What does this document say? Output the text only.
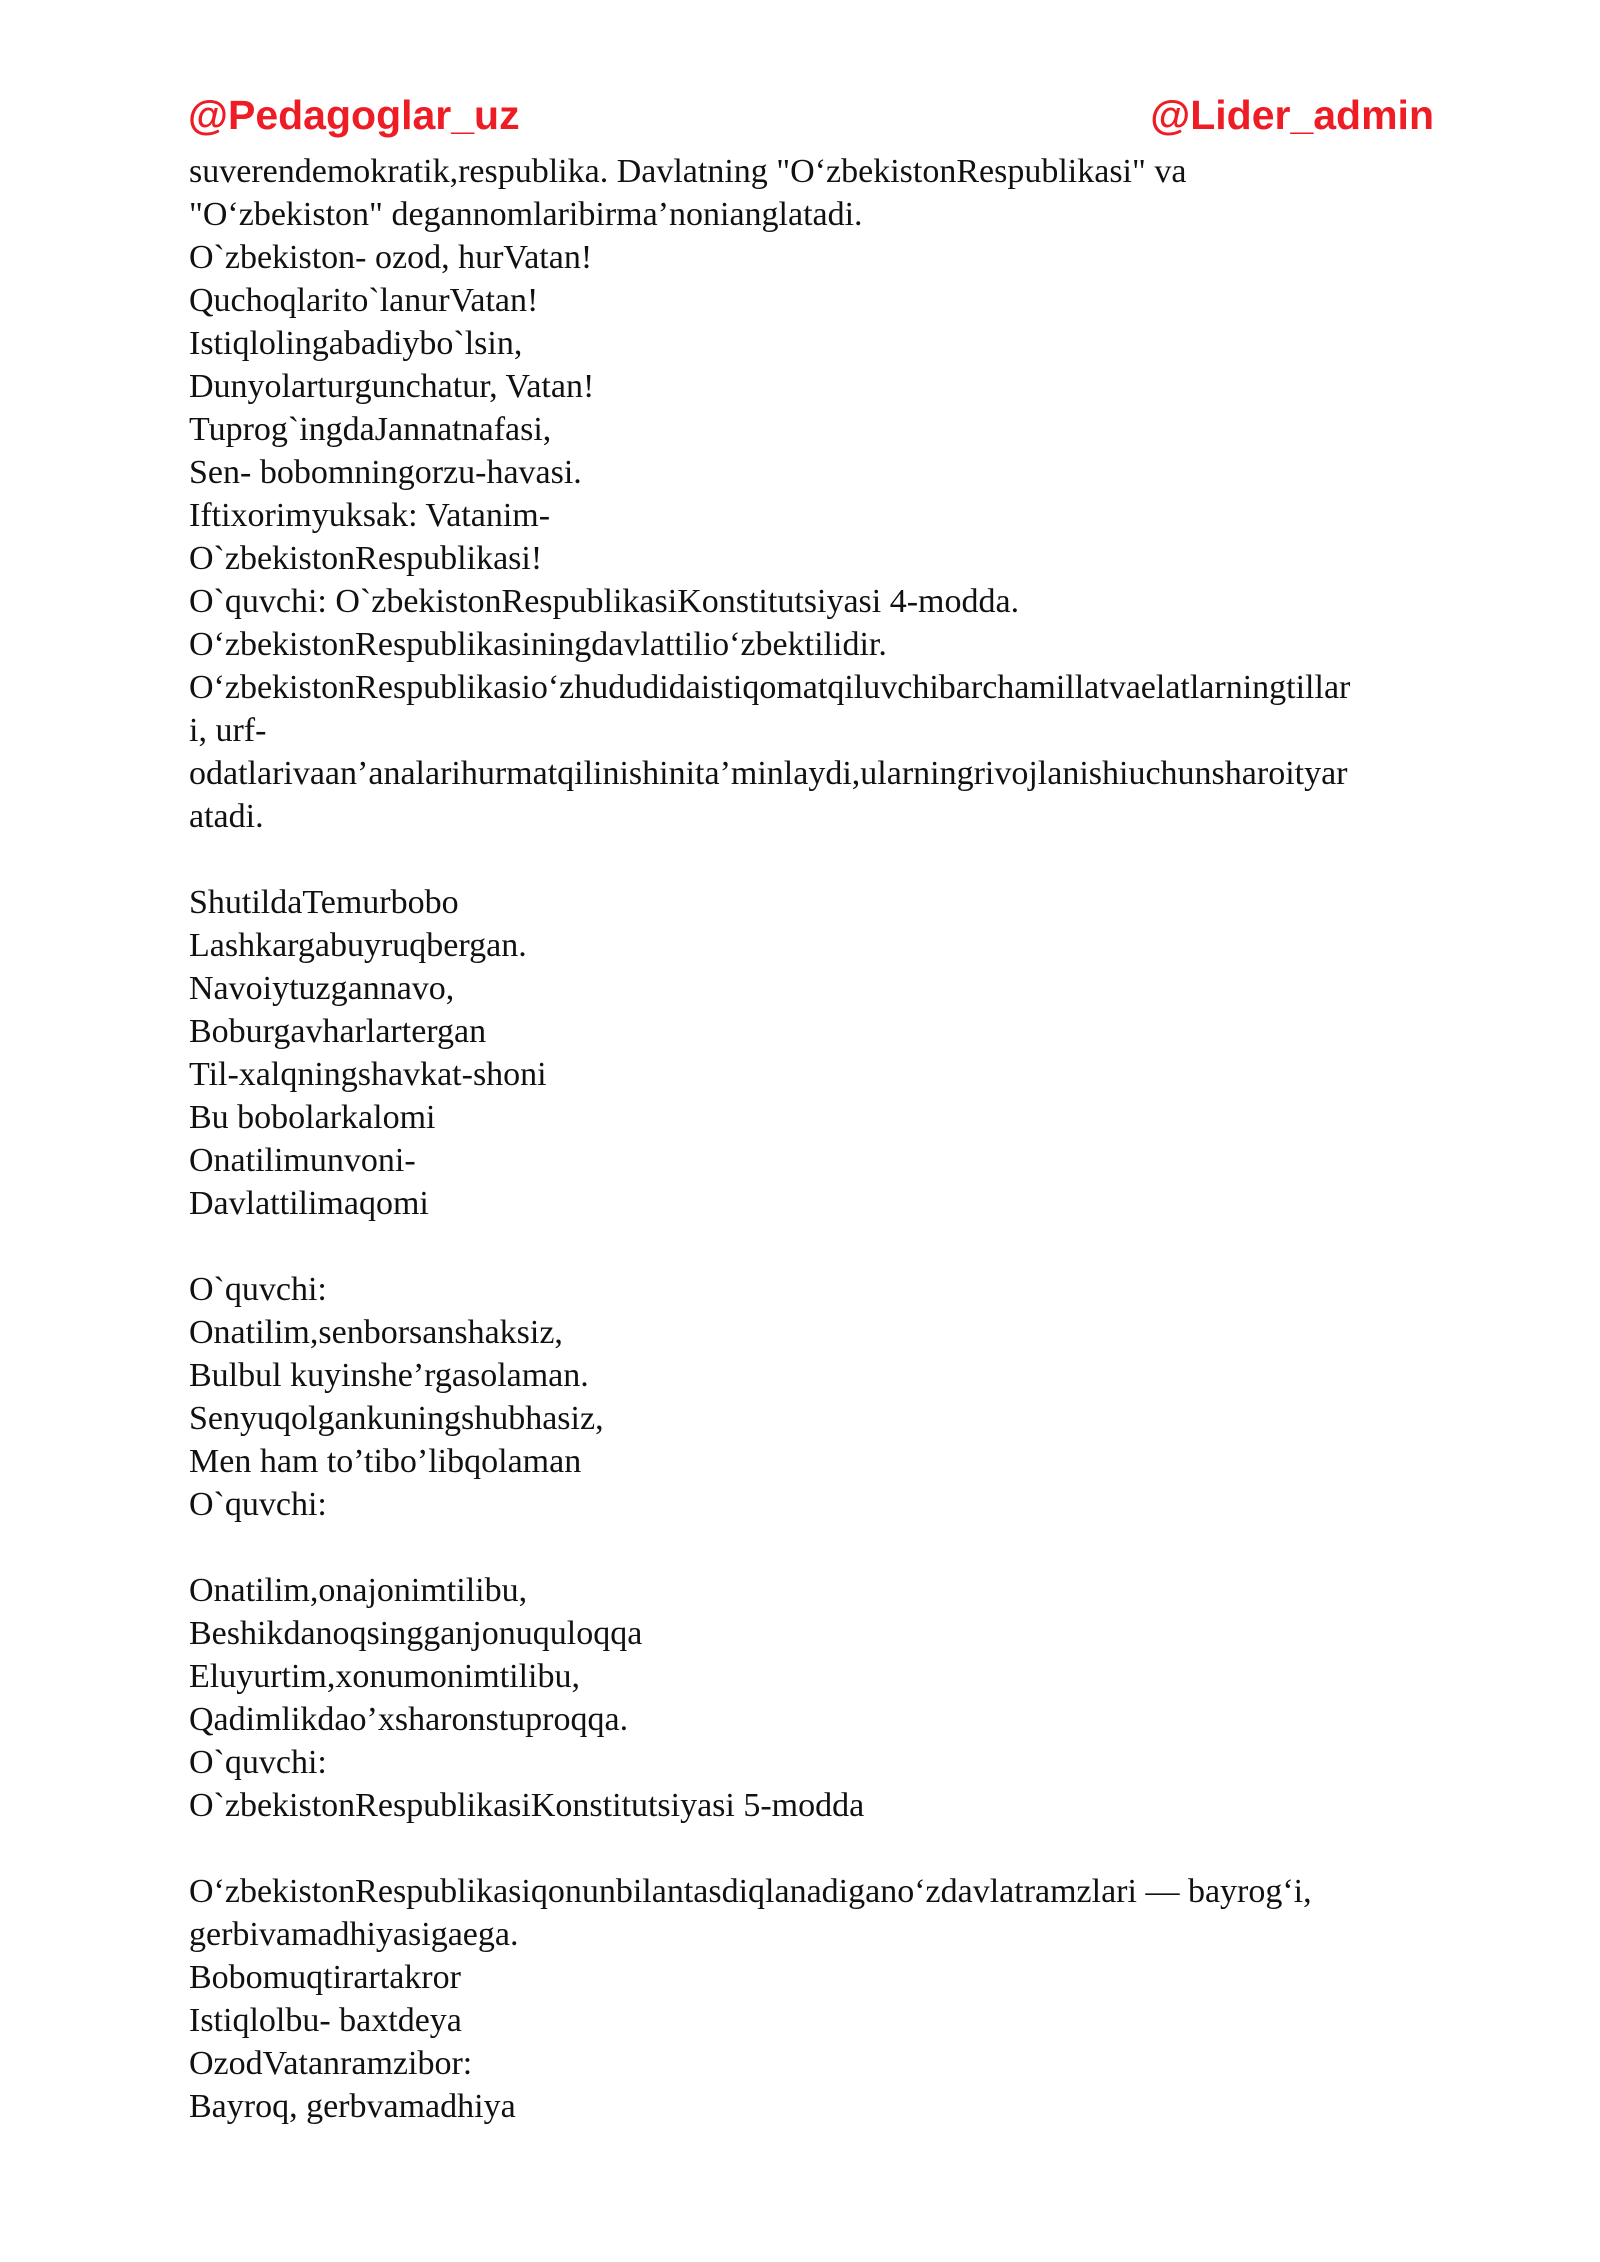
@Pedagoglar_uz	@Lider_admin
suverendemokratik,respublika. Davlatning "O‘zbekistonRespublikasi" va
"O‘zbekiston" degannomlaribirma’nonianglatadi.
O`zbekiston- ozod, hurVatan!
Quchoqlarito`lanurVatan!
Istiqlolingabadiybo`lsin,
Dunyolarturgunchatur, Vatan!
Tuprog`ingdaJannatnafasi,
Sen- bobomningorzu-havasi.
Iftixorimyuksak: Vatanim-
O`zbekistonRespublikasi!
O`quvchi: O`zbekistonRespublikasiKonstitutsiyasi 4-modda.
O‘zbekistonRespublikasiningdavlattilio‘zbektilidir.
O‘zbekistonRespublikasio‘zhududidaistiqomatqiluvchibarchamillatvaelatlarningtillar
i, urf-
odatlarivaan’analarihurmatqilinishinita’minlaydi,ularningrivojlanishiuchunsharoityar
atadi.
ShutildaTemurbobo
Lashkargabuyruqbergan.
Navoiytuzgannavo,
Boburgavharlartergan
Til-xalqningshavkat-shoni
Bu bobolarkalomi
Onatilimunvoni-
Davlattilimaqomi
O`quvchi:
Onatilim,senborsanshaksiz,
Bulbul kuyinshe’rgasolaman.
Senyuqolgankuningshubhasiz,
Men ham to’tibo’libqolaman
O`quvchi:
Onatilim,onajonimtilibu,
Beshikdanoqsingganjonuquloqqa
Eluyurtim,xonumonimtilibu,
Qadimlikdao’xsharonstuproqqa.
O`quvchi:
O`zbekistonRespublikasiKonstitutsiyasi 5-modda
O‘zbekistonRespublikasiqonunbilantasdiqlanadigano‘zdavlatramzlari — bayrog‘i,
gerbivamadhiyasigaega.
Bobomuqtirartakror
Istiqlolbu- baxtdeya
OzodVatanramzibor:
Bayroq, gerbvamadhiya
